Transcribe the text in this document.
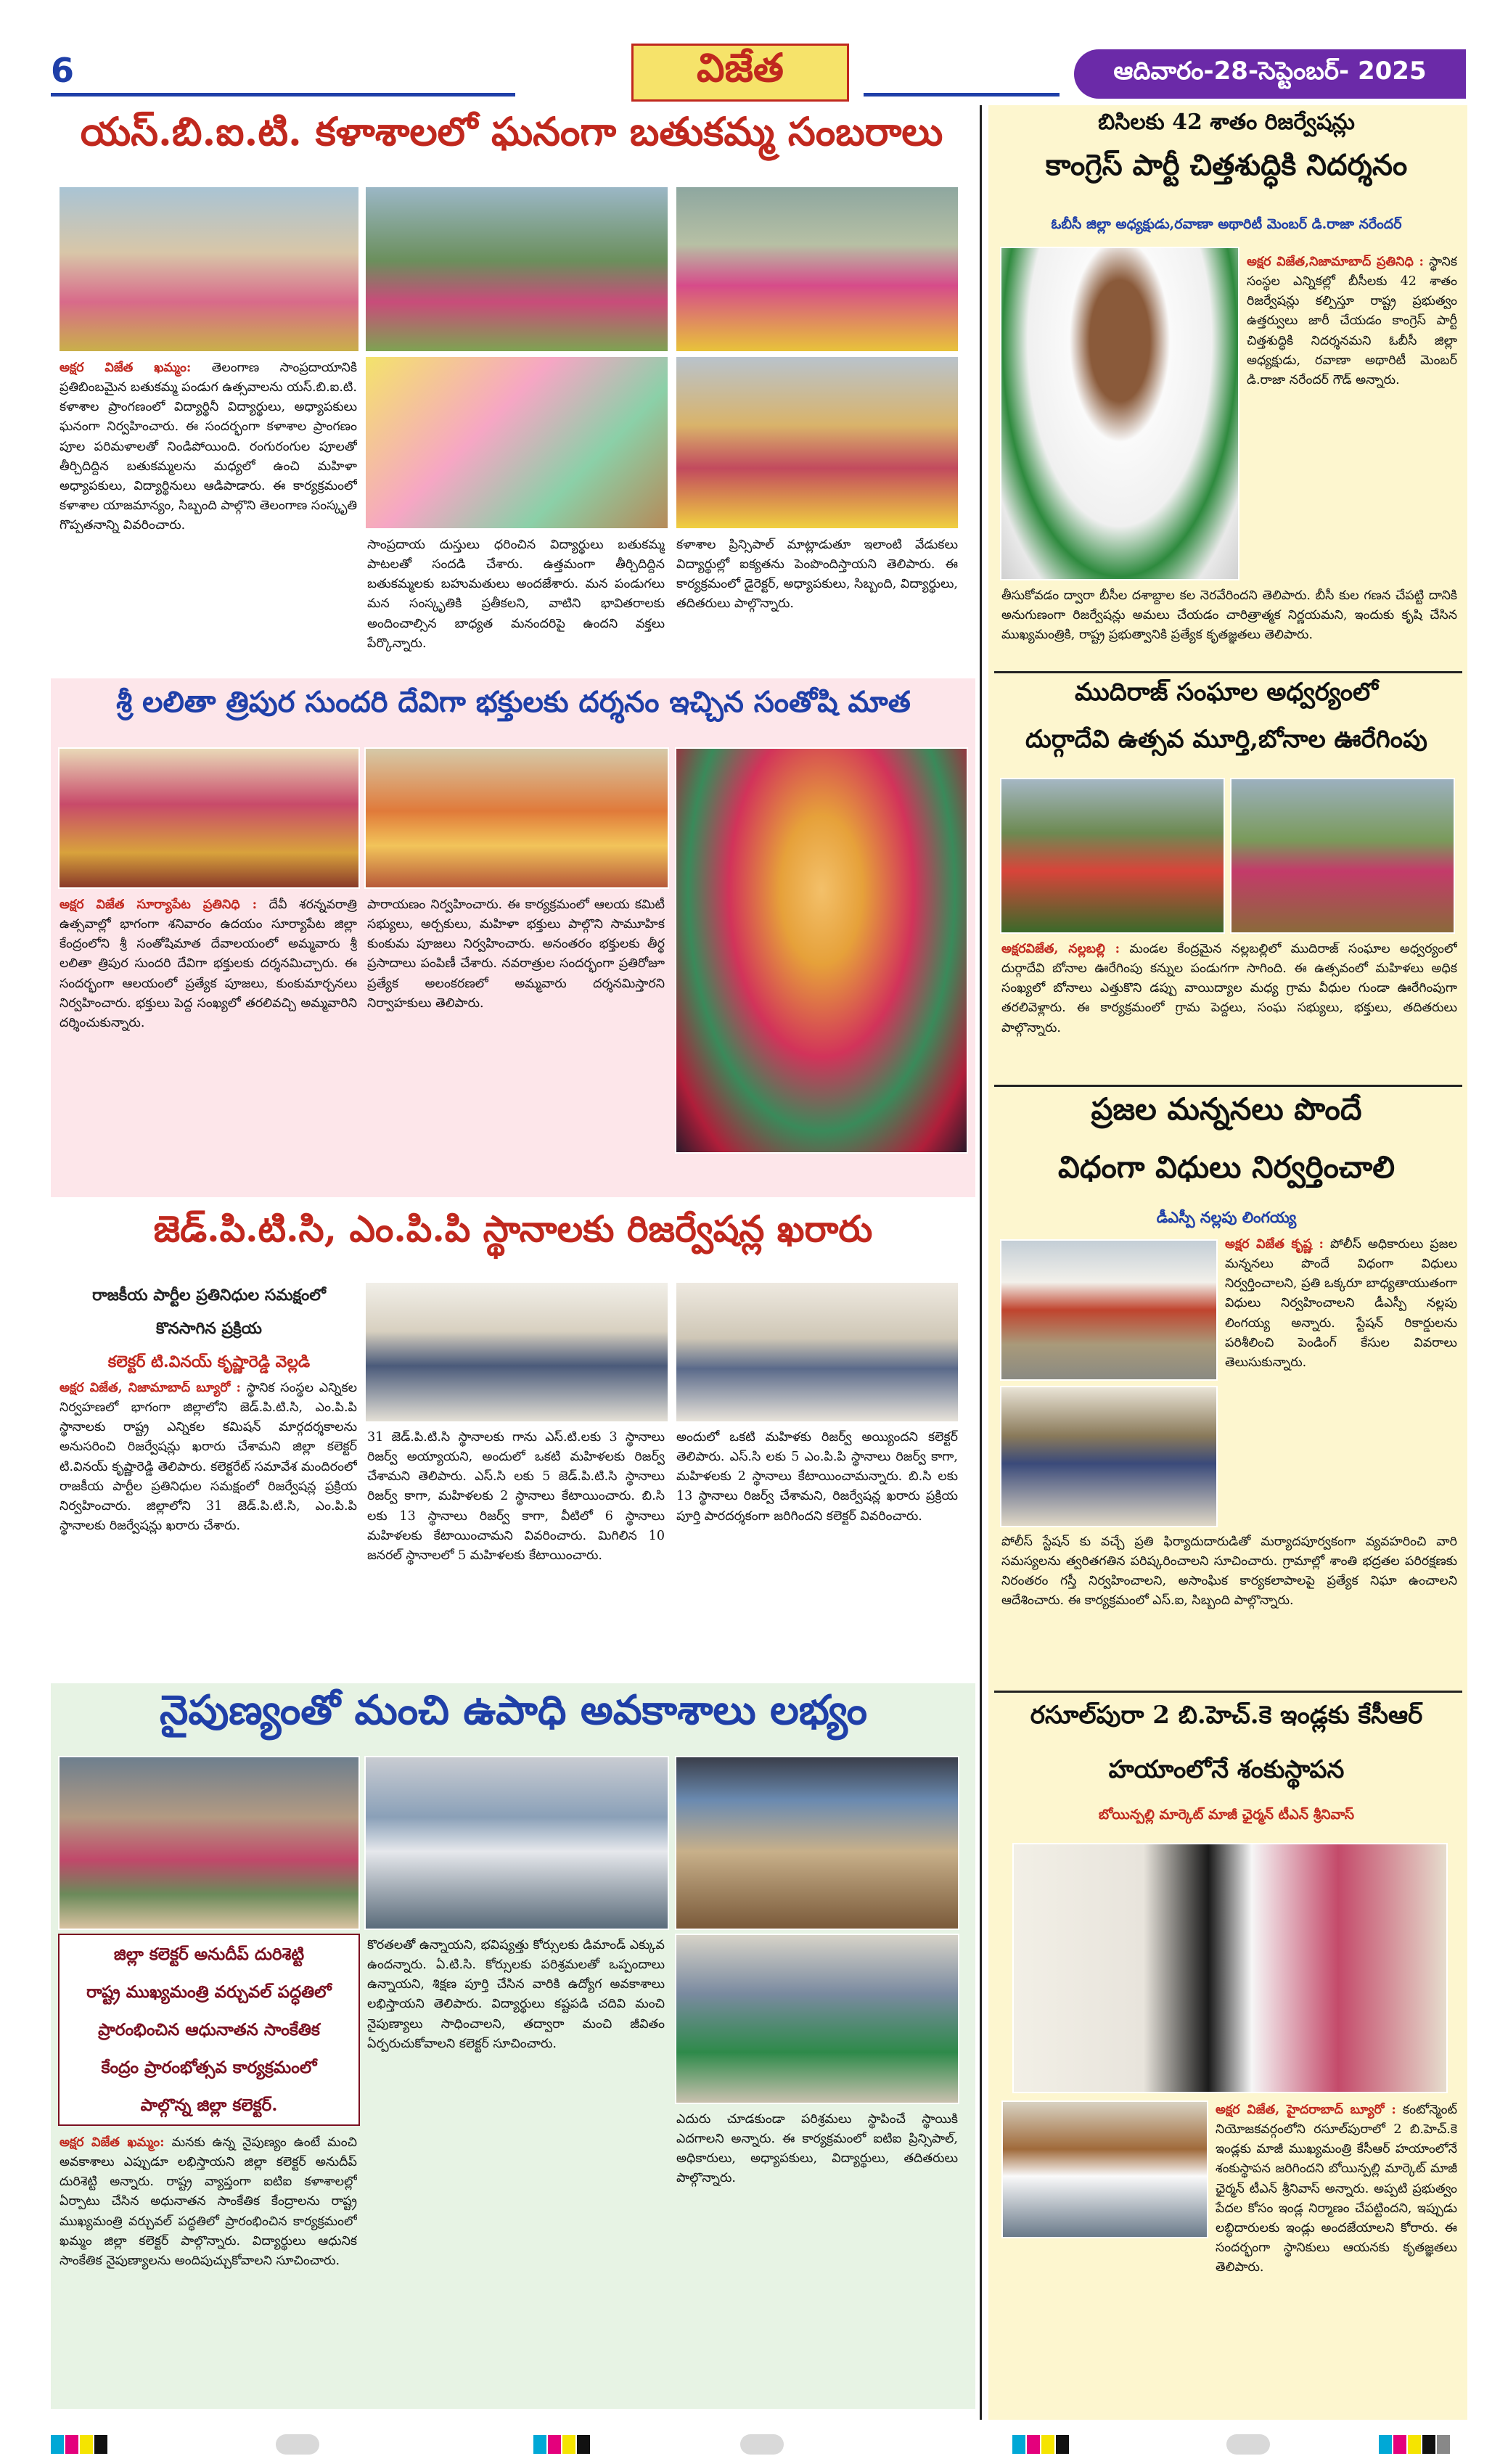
6	విజేత	ఆదివారం-28-సెప్టెంబర్- 2025
యస్.బి.ఐ.టి. కళాశాలలో ఘనంగా బతుకమ్మ సంబరాలు
అక్షర విజేత ఖమ్మం: తెలంగాణ సాంప్రదాయానికి ప్రతిబింబమైన బతుకమ్మ పండుగ ఉత్సవాలను యస్.బి.ఐ.టి. కళాశాల ప్రాంగణంలో విద్యార్థినీ విద్యార్థులు, అధ్యాపకులు ఘనంగా నిర్వహించారు. ఈ సందర్భంగా కళాశాల ప్రాంగణం పూల పరిమళాలతో నిండిపోయింది. రంగురంగుల పూలతో తీర్చిదిద్దిన బతుకమ్మలను మధ్యలో ఉంచి మహిళా అధ్యాపకులు, విద్యార్థినులు ఆడిపాడారు. ఈ కార్యక్రమంలో కళాశాల యాజమాన్యం, సిబ్బంది పాల్గొని తెలంగాణ సంస్కృతి గొప్పతనాన్ని వివరించారు.
సాంప్రదాయ దుస్తులు ధరించిన విద్యార్థులు బతుకమ్మ పాటలతో సందడి చేశారు. ఉత్తమంగా తీర్చిదిద్దిన బతుకమ్మలకు బహుమతులు అందజేశారు. మన పండుగలు మన సంస్కృతికి ప్రతీకలని, వాటిని భావితరాలకు అందించాల్సిన బాధ్యత మనందరిపై ఉందని వక్తలు పేర్కొన్నారు.
కళాశాల ప్రిన్సిపాల్ మాట్లాడుతూ ఇలాంటి వేడుకలు విద్యార్థుల్లో ఐక్యతను పెంపొందిస్తాయని తెలిపారు. ఈ కార్యక్రమంలో డైరెక్టర్, అధ్యాపకులు, సిబ్బంది, విద్యార్థులు, తదితరులు పాల్గొన్నారు.
శ్రీ లలితా త్రిపుర సుందరి దేవిగా భక్తులకు దర్శనం ఇచ్చిన సంతోషి మాత
అక్షర విజేత సూర్యాపేట ప్రతినిధి : దేవీ శరన్నవరాత్రి ఉత్సవాల్లో భాగంగా శనివారం ఉదయం సూర్యాపేట జిల్లా కేంద్రంలోని శ్రీ సంతోషిమాత దేవాలయంలో అమ్మవారు శ్రీ లలితా త్రిపుర సుందరి దేవిగా భక్తులకు దర్శనమిచ్చారు. ఈ సందర్భంగా ఆలయంలో ప్రత్యేక పూజలు, కుంకుమార్చనలు నిర్వహించారు. భక్తులు పెద్ద సంఖ్యలో తరలివచ్చి అమ్మవారిని దర్శించుకున్నారు.
పారాయణం నిర్వహించారు. ఈ కార్యక్రమంలో ఆలయ కమిటీ సభ్యులు, అర్చకులు, మహిళా భక్తులు పాల్గొని సామూహిక కుంకుమ పూజలు నిర్వహించారు. అనంతరం భక్తులకు తీర్థ ప్రసాదాలు పంపిణీ చేశారు. నవరాత్రుల సందర్భంగా ప్రతిరోజూ ప్రత్యేక అలంకరణలో అమ్మవారు దర్శనమిస్తారని నిర్వాహకులు తెలిపారు.
జెడ్.పి.టి.సి, ఎం.పి.పి స్థానాలకు రిజర్వేషన్ల ఖరారు
రాజకీయ పార్టీల ప్రతినిధుల సమక్షంలో
కొనసాగిన ప్రక్రియ
కలెక్టర్ టి.వినయ్ కృష్ణారెడ్డి వెల్లడి
అక్షర విజేత, నిజామాబాద్ బ్యూరో : స్థానిక సంస్థల ఎన్నికల నిర్వహణలో భాగంగా జిల్లాలోని జెడ్.పి.టి.సి, ఎం.పి.పి స్థానాలకు రాష్ట్ర ఎన్నికల కమిషన్ మార్గదర్శకాలను అనుసరించి రిజర్వేషన్లు ఖరారు చేశామని జిల్లా కలెక్టర్ టి.వినయ్ కృష్ణారెడ్డి తెలిపారు. కలెక్టరేట్ సమావేశ మందిరంలో రాజకీయ పార్టీల ప్రతినిధుల సమక్షంలో రిజర్వేషన్ల ప్రక్రియ నిర్వహించారు. జిల్లాలోని 31 జెడ్.పి.టి.సి, ఎం.పి.పి స్థానాలకు రిజర్వేషన్లు ఖరారు చేశారు.
31 జెడ్.పి.టి.సి స్థానాలకు గాను ఎస్.టి.లకు 3 స్థానాలు రిజర్వ్ అయ్యాయని, అందులో ఒకటి మహిళలకు రిజర్వ్ చేశామని తెలిపారు. ఎస్.సి లకు 5 జెడ్.పి.టి.సి స్థానాలు రిజర్వ్ కాగా, మహిళలకు 2 స్థానాలు కేటాయించారు. బి.సి లకు 13 స్థానాలు రిజర్వ్ కాగా, వీటిలో 6 స్థానాలు మహిళలకు కేటాయించామని వివరించారు. మిగిలిన 10 జనరల్ స్థానాలలో 5 మహిళలకు కేటాయించారు.
అందులో ఒకటి మహిళకు రిజర్వ్ అయ్యిందని కలెక్టర్ తెలిపారు. ఎస్.సి లకు 5 ఎం.పి.పి స్థానాలు రిజర్వ్ కాగా, మహిళలకు 2 స్థానాలు కేటాయించామన్నారు. బి.సి లకు 13 స్థానాలు రిజర్వ్ చేశామని, రిజర్వేషన్ల ఖరారు ప్రక్రియ పూర్తి పారదర్శకంగా జరిగిందని కలెక్టర్ వివరించారు.
నైపుణ్యంతో మంచి ఉపాధి అవకాశాలు లభ్యం
జిల్లా కలెక్టర్ అనుదీప్ దురిశెట్టి
రాష్ట్ర ముఖ్యమంత్రి వర్చువల్ పద్ధతిలో
ప్రారంభించిన ఆధునాతన సాంకేతిక
కేంద్రం ప్రారంభోత్సవ కార్యక్రమంలో
పాల్గొన్న జిల్లా కలెక్టర్.
అక్షర విజేత ఖమ్మం: మనకు ఉన్న నైపుణ్యం ఉంటే మంచి అవకాశాలు ఎప్పుడూ లభిస్తాయని జిల్లా కలెక్టర్ అనుదీప్ దురిశెట్టి అన్నారు. రాష్ట్ర వ్యాప్తంగా ఐటిఐ కళాశాలల్లో ఏర్పాటు చేసిన అధునాతన సాంకేతిక కేంద్రాలను రాష్ట్ర ముఖ్యమంత్రి వర్చువల్ పద్ధతిలో ప్రారంభించిన కార్యక్రమంలో ఖమ్మం జిల్లా కలెక్టర్ పాల్గొన్నారు. విద్యార్థులు ఆధునిక సాంకేతిక నైపుణ్యాలను అందిపుచ్చుకోవాలని సూచించారు.
కొరతలతో ఉన్నాయని, భవిష్యత్తు కోర్సులకు డిమాండ్ ఎక్కువ ఉందన్నారు. ఏ.టి.సి. కోర్సులకు పరిశ్రమలతో ఒప్పందాలు ఉన్నాయని, శిక్షణ పూర్తి చేసిన వారికి ఉద్యోగ అవకాశాలు లభిస్తాయని తెలిపారు. విద్యార్థులు కష్టపడి చదివి మంచి నైపుణ్యాలు సాధించాలని, తద్వారా మంచి జీవితం ఏర్పరుచుకోవాలని కలెక్టర్ సూచించారు.
ఎదురు చూడకుండా పరిశ్రమలు స్థాపించే స్థాయికి ఎదగాలని అన్నారు. ఈ కార్యక్రమంలో ఐటిఐ ప్రిన్సిపాల్, అధికారులు, అధ్యాపకులు, విద్యార్థులు, తదితరులు పాల్గొన్నారు.
బిసిలకు 42 శాతం రిజర్వేషన్లు
కాంగ్రెస్ పార్టీ చిత్తశుద్ధికి నిదర్శనం
ఓబీసీ జిల్లా అధ్యక్షుడు,రవాణా అథారిటీ మెంబర్ డి.రాజా నరేందర్
అక్షర విజేత,నిజామాబాద్ ప్రతినిధి : స్థానిక సంస్థల ఎన్నికల్లో బీసీలకు 42 శాతం రిజర్వేషన్లు కల్పిస్తూ రాష్ట్ర ప్రభుత్వం ఉత్తర్వులు జారీ చేయడం కాంగ్రెస్ పార్టీ చిత్తశుద్ధికి నిదర్శనమని ఓబీసీ జిల్లా అధ్యక్షుడు, రవాణా అథారిటీ మెంబర్ డి.రాజా నరేందర్ గౌడ్ అన్నారు.
తీసుకోవడం ద్వారా బీసీల దశాబ్దాల కల నెరవేరిందని తెలిపారు. బీసీ కుల గణన చేపట్టి దానికి అనుగుణంగా రిజర్వేషన్లు అమలు చేయడం చారిత్రాత్మక నిర్ణయమని, ఇందుకు కృషి చేసిన ముఖ్యమంత్రికి, రాష్ట్ర ప్రభుత్వానికి ప్రత్యేక కృతజ్ఞతలు తెలిపారు.
ముదిరాజ్ సంఘాల అధ్వర్యంలో
దుర్గాదేవి ఉత్సవ మూర్తి,బోనాల ఊరేగింపు
అక్షరవిజేత, నల్లబల్లి : మండల కేంద్రమైన నల్లబల్లిలో ముదిరాజ్ సంఘాల అధ్వర్యంలో దుర్గాదేవి బోనాల ఊరేగింపు కన్నుల పండుగగా సాగింది. ఈ ఉత్సవంలో మహిళలు అధిక సంఖ్యలో బోనాలు ఎత్తుకొని డప్పు వాయిద్యాల మధ్య గ్రామ వీధుల గుండా ఊరేగింపుగా తరలివెళ్లారు. ఈ కార్యక్రమంలో గ్రామ పెద్దలు, సంఘ సభ్యులు, భక్తులు, తదితరులు పాల్గొన్నారు.
ప్రజల మన్ననలు పొందే
విధంగా విధులు నిర్వర్తించాలి
డీఎస్పీ నల్లపు లింగయ్య
అక్షర విజేత కృష్ణ : పోలీస్ అధికారులు ప్రజల మన్ననలు పొందే విధంగా విధులు నిర్వర్తించాలని, ప్రతి ఒక్కరూ బాధ్యతాయుతంగా విధులు నిర్వహించాలని డీఎస్పీ నల్లపు లింగయ్య అన్నారు. స్టేషన్ రికార్డులను పరిశీలించి పెండింగ్ కేసుల వివరాలు తెలుసుకున్నారు.
పోలీస్ స్టేషన్ కు వచ్చే ప్రతి ఫిర్యాదుదారుడితో మర్యాదపూర్వకంగా వ్యవహరించి వారి సమస్యలను త్వరితగతిన పరిష్కరించాలని సూచించారు. గ్రామాల్లో శాంతి భద్రతల పరిరక్షణకు నిరంతరం గస్తీ నిర్వహించాలని, అసాంఘిక కార్యకలాపాలపై ప్రత్యేక నిఘా ఉంచాలని ఆదేశించారు. ఈ కార్యక్రమంలో ఎస్.ఐ, సిబ్బంది పాల్గొన్నారు.
రసూల్‌పురా 2 బి.హెచ్.కె ఇండ్లకు కేసీఆర్
హయాంలోనే శంకుస్థాపన
బోయిన్పల్లి మార్కెట్ మాజీ ఛైర్మన్ టీఎన్ శ్రీనివాస్
అక్షర విజేత, హైదరాబాద్ బ్యూరో : కంటోన్మెంట్ నియోజకవర్గంలోని రసూల్‌పురాలో 2 బి.హెచ్.కె ఇండ్లకు మాజీ ముఖ్యమంత్రి కేసీఆర్ హయాంలోనే శంకుస్థాపన జరిగిందని బోయిన్పల్లి మార్కెట్ మాజీ ఛైర్మన్ టీఎన్ శ్రీనివాస్ అన్నారు. అప్పటి ప్రభుత్వం పేదల కోసం ఇండ్ల నిర్మాణం చేపట్టిందని, ఇప్పుడు లబ్ధిదారులకు ఇండ్లు అందజేయాలని కోరారు. ఈ సందర్భంగా స్థానికులు ఆయనకు కృతజ్ఞతలు తెలిపారు.
